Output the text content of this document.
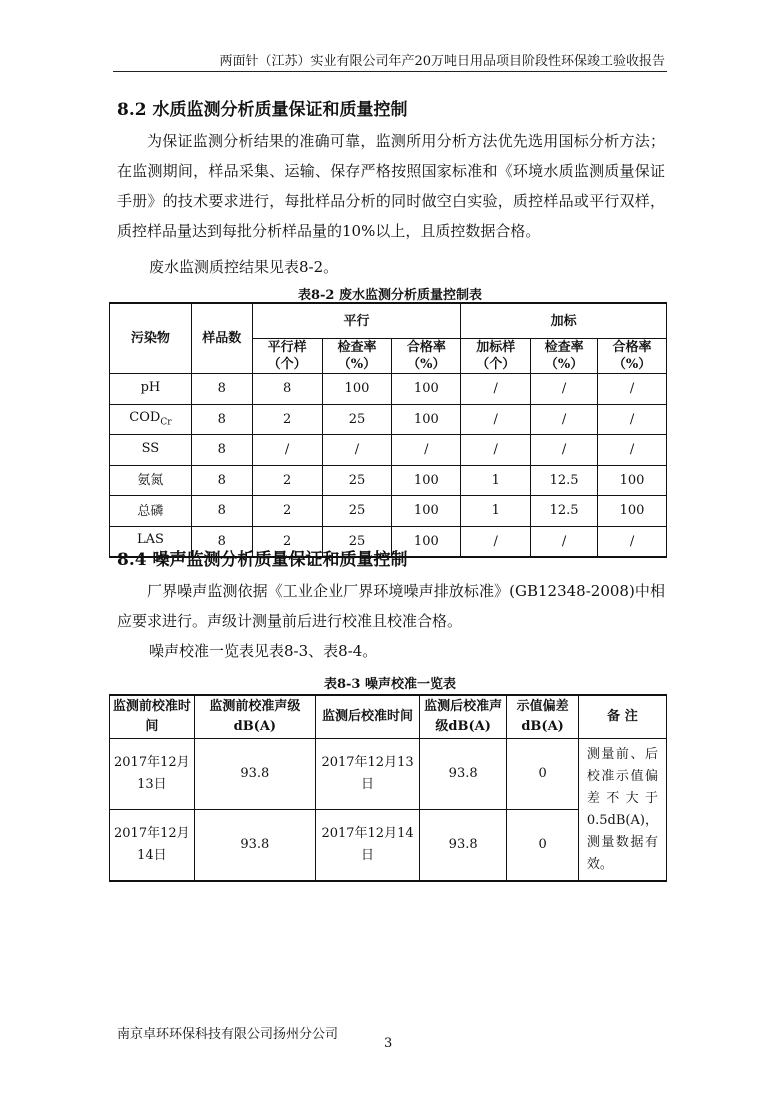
两面针（江苏）实业有限公司年产20万吨日用品项目阶段性环保竣工验收报告
8.2 水质监测分析质量保证和质量控制

为保证监测分析结果的准确可靠，监测所用分析方法优先选用国标分析方法；在监测期间，样品采集、运输、保存严格按照国家标准和《环境水质监测质量保证手册》的技术要求进行，每批样品分析的同时做空白实验，质控样品或平行双样，质控样品量达到每批分析样品量的10%以上，且质控数据合格。

废水监测质控结果见表8-2。
表8-2 废水监测分析质量控制表
污染物	样品数	平行			加标		
		平行样（个）	检查率（%）	合格率（%）	加标样（个）	检查率（%）	合格率（%）
pH	8	8	100	100	/	/	/
$COD_{Cr}$	8	2	25	100	/	/	/
SS	8	/	/	/	/	/	/
氨氮	8	2	25	100	1	12.5	100
总磷	8	2	25	100	1	12.5	100
LAS	8	2	25	100	/	/	/
8.4 噪声监测分析质量保证和质量控制

厂界噪声监测依据《工业企业厂界环境噪声排放标准》(GB12348-2008)中相应要求进行。声级计测量前后进行校准且校准合格。

噪声校准一览表见表8-3、表8-4。
表8-3 噪声校准一览表
监测前校准时间	监测前校准声级dB(A)	监测后校准时间	监测后校准声级dB(A)	示值偏差dB(A)	备 注
2017年12月13日	93.8	2017年12月13日	93.8	0	测量前、后校准示值偏差不大于0.5dB(A)，测量数据有效。
2017年12月14日	93.8	2017年12月14日	93.8	0	
南京卓环环保科技有限公司扬州分公司
3
